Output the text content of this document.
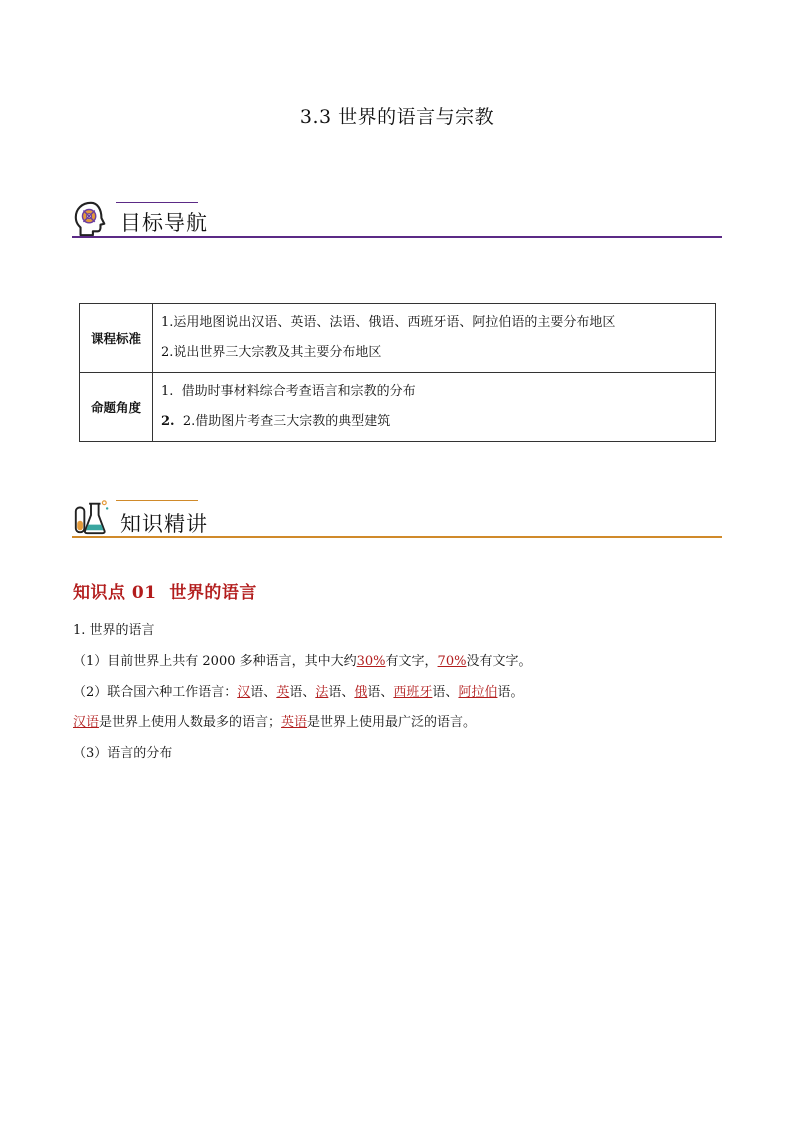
3.3 世界的语言与宗教
目标导航
课程标准	1.运用地图说出汉语、英语、法语、俄语、西班牙语、阿拉伯语的主要分布地区
2.说出世界三大宗教及其主要分布地区

命题角度	1. 借助时事材料综合考查语言和宗教的分布
2. 2.借助图片考查三大宗教的典型建筑
知识精讲
知识点 01  世界的语言
1. 世界的语言
（1）目前世界上共有 2000 多种语言，其中大约30%有文字，70%没有文字。
（2）联合国六种工作语言：汉语、英语、法语、俄语、西班牙语、阿拉伯语。
汉语是世界上使用人数最多的语言；英语是世界上使用最广泛的语言。
（3）语言的分布
